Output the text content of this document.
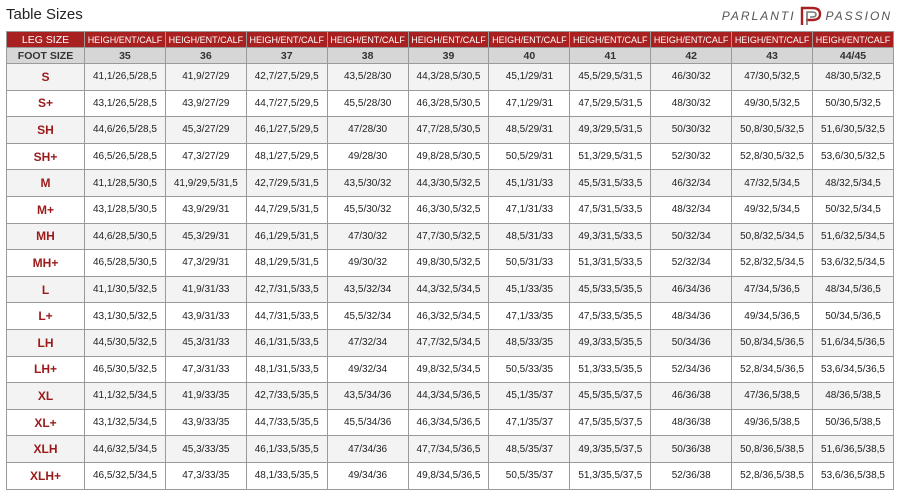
Table Sizes	PARLANTI	PASSION
LEG SIZE	HEIGH/ENT/CALF	HEIGH/ENT/CALF	HEIGH/ENT/CALF	HEIGH/ENT/CALF	HEIGH/ENT/CALF	HEIGH/ENT/CALF	HEIGH/ENT/CALF	HEIGH/ENT/CALF	HEIGH/ENT/CALF	HEIGH/ENT/CALF
FOOT SIZE	35	36	37	38	39	40	41	42	43	44/45
S	41,1/26,5/28,5	41,9/27/29	42,7/27,5/29,5	43,5/28/30	44,3/28,5/30,5	45,1/29/31	45,5/29,5/31,5	46/30/32	47/30,5/32,5	48/30,5/32,5
S+	43,1/26,5/28,5	43,9/27/29	44,7/27,5/29,5	45,5/28/30	46,3/28,5/30,5	47,1/29/31	47,5/29,5/31,5	48/30/32	49/30,5/32,5	50/30,5/32,5
SH	44,6/26,5/28,5	45,3/27/29	46,1/27,5/29,5	47/28/30	47,7/28,5/30,5	48,5/29/31	49,3/29,5/31,5	50/30/32	50,8/30,5/32,5	51,6/30,5/32,5
SH+	46,5/26,5/28,5	47,3/27/29	48,1/27,5/29,5	49/28/30	49,8/28,5/30,5	50,5/29/31	51,3/29,5/31,5	52/30/32	52,8/30,5/32,5	53,6/30,5/32,5
M	41,1/28,5/30,5	41,9/29,5/31,5	42,7/29,5/31,5	43,5/30/32	44,3/30,5/32,5	45,1/31/33	45,5/31,5/33,5	46/32/34	47/32,5/34,5	48/32,5/34,5
M+	43,1/28,5/30,5	43,9/29/31	44,7/29,5/31,5	45,5/30/32	46,3/30,5/32,5	47,1/31/33	47,5/31,5/33,5	48/32/34	49/32,5/34,5	50/32,5/34,5
MH	44,6/28,5/30,5	45,3/29/31	46,1/29,5/31,5	47/30/32	47,7/30,5/32,5	48,5/31/33	49,3/31,5/33,5	50/32/34	50,8/32,5/34,5	51,6/32,5/34,5
MH+	46,5/28,5/30,5	47,3/29/31	48,1/29,5/31,5	49/30/32	49,8/30,5/32,5	50,5/31/33	51,3/31,5/33,5	52/32/34	52,8/32,5/34,5	53,6/32,5/34,5
L	41,1/30,5/32,5	41,9/31/33	42,7/31,5/33,5	43,5/32/34	44,3/32,5/34,5	45,1/33/35	45,5/33,5/35,5	46/34/36	47/34,5/36,5	48/34,5/36,5
L+	43,1/30,5/32,5	43,9/31/33	44,7/31,5/33,5	45,5/32/34	46,3/32,5/34,5	47,1/33/35	47,5/33,5/35,5	48/34/36	49/34,5/36,5	50/34,5/36,5
LH	44,5/30,5/32,5	45,3/31/33	46,1/31,5/33,5	47/32/34	47,7/32,5/34,5	48,5/33/35	49,3/33,5/35,5	50/34/36	50,8/34,5/36,5	51,6/34,5/36,5
LH+	46,5/30,5/32,5	47,3/31/33	48,1/31,5/33,5	49/32/34	49,8/32,5/34,5	50,5/33/35	51,3/33,5/35,5	52/34/36	52,8/34,5/36,5	53,6/34,5/36,5
XL	41,1/32,5/34,5	41,9/33/35	42,7/33,5/35,5	43,5/34/36	44,3/34,5/36,5	45,1/35/37	45,5/35,5/37,5	46/36/38	47/36,5/38,5	48/36,5/38,5
XL+	43,1/32,5/34,5	43,9/33/35	44,7/33,5/35,5	45,5/34/36	46,3/34,5/36,5	47,1/35/37	47,5/35,5/37,5	48/36/38	49/36,5/38,5	50/36,5/38,5
XLH	44,6/32,5/34,5	45,3/33/35	46,1/33,5/35,5	47/34/36	47,7/34,5/36,5	48,5/35/37	49,3/35,5/37,5	50/36/38	50,8/36,5/38,5	51,6/36,5/38,5
XLH+	46,5/32,5/34,5	47,3/33/35	48,1/33,5/35,5	49/34/36	49,8/34,5/36,5	50,5/35/37	51,3/35,5/37,5	52/36/38	52,8/36,5/38,5	53,6/36,5/38,5
